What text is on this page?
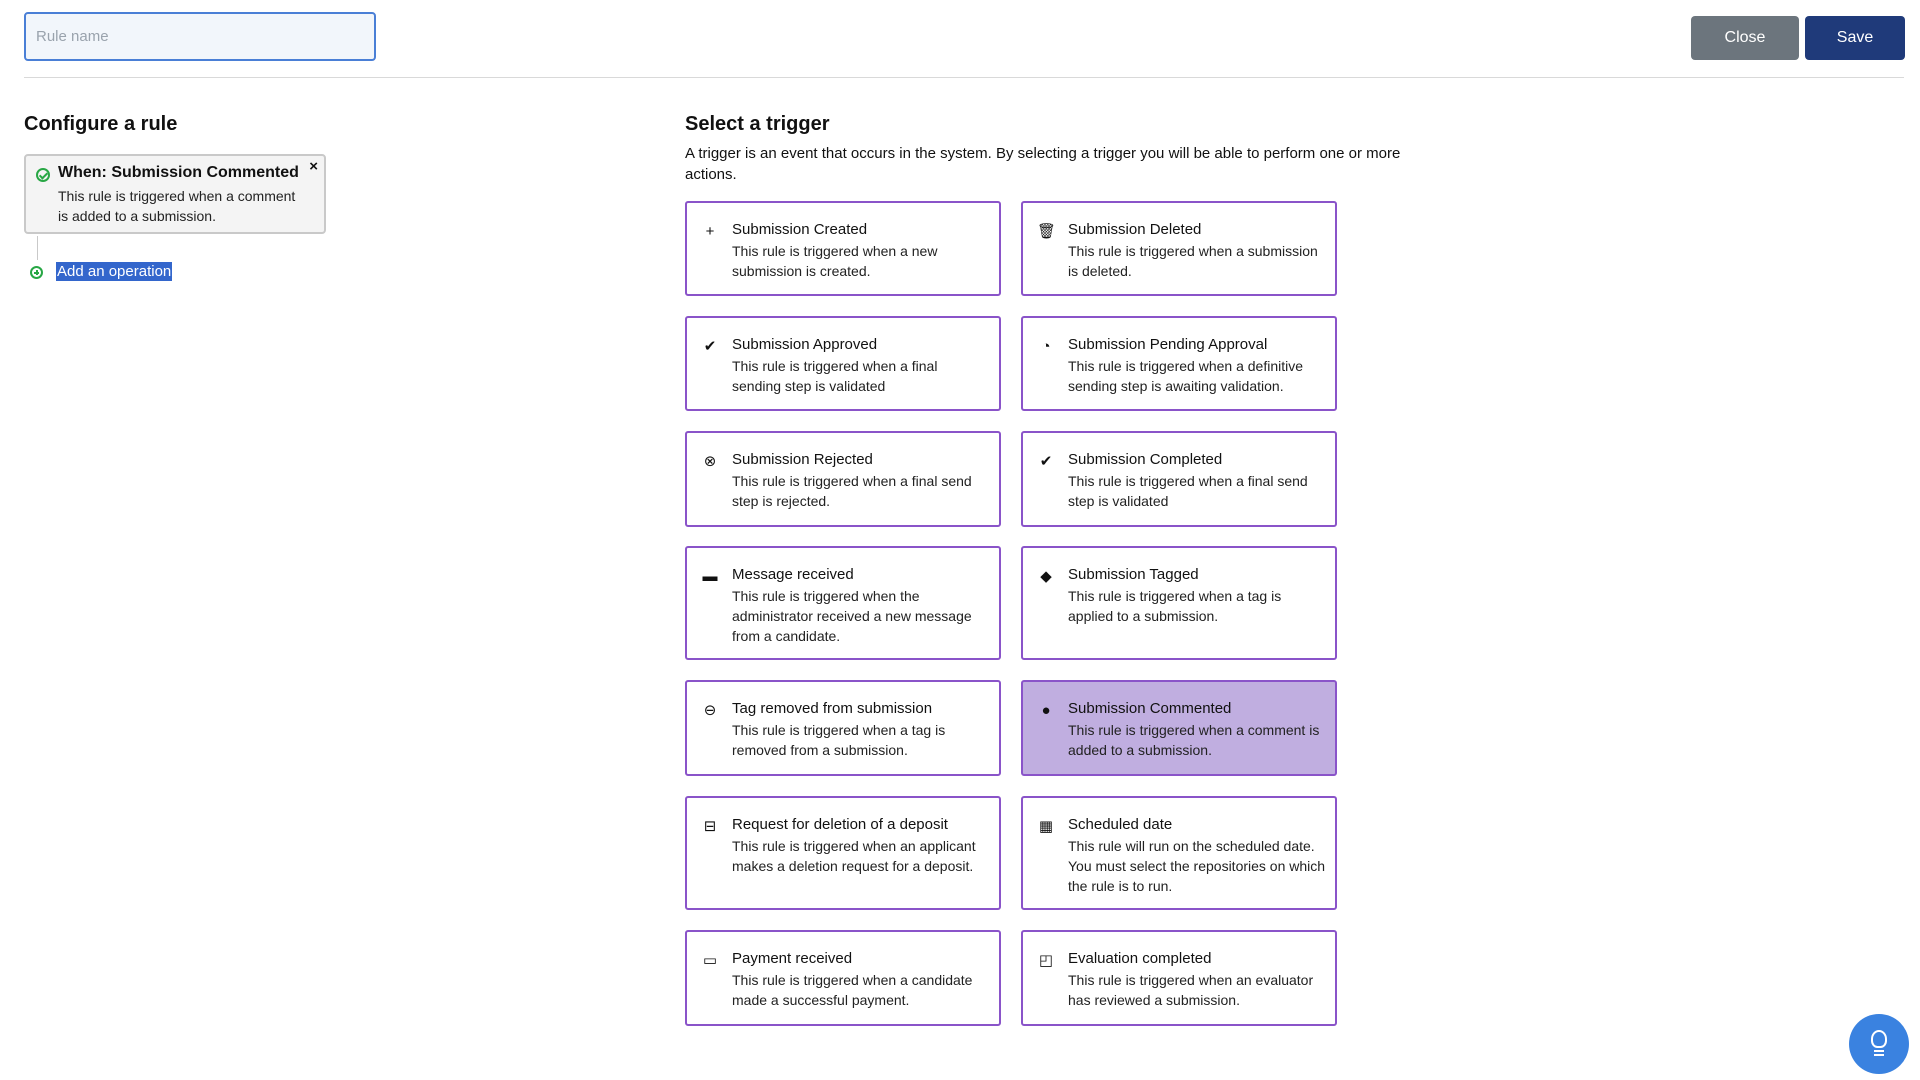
Rule name
Close	Save
Configure a rule
When: Submission Commented
This rule is triggered when a comment is added to a submission.
×
Add an operation
Select a trigger
A trigger is an event that occurs in the system. By selecting a trigger you will be able to perform one or more actions.
+	Submission Created
This rule is triggered when a new submission is created.
🗑 Submission Deleted
This rule is triggered when a submission is deleted.
✔ Submission Approved
This rule is triggered when a final sending step is validated
◔ Submission Pending Approval
This rule is triggered when a definitive sending step is awaiting validation.
⊗ Submission Rejected
This rule is triggered when a final send step is rejected.
✔ Submission Completed
This rule is triggered when a final send step is validated
▬ Message received
This rule is triggered when the administrator received a new message from a candidate.
◆ Submission Tagged
This rule is triggered when a tag is applied to a submission.
⊖ Tag removed from submission
This rule is triggered when a tag is removed from a submission.
● Submission Commented
This rule is triggered when a comment is added to a submission.
⊟ Request for deletion of a deposit
This rule is triggered when an applicant makes a deletion request for a deposit.
▦ Scheduled date
This rule will run on the scheduled date. You must select the repositories on which the rule is to run.
▭ Payment received
This rule is triggered when a candidate made a successful payment.
◰ Evaluation completed
This rule is triggered when an evaluator has reviewed a submission.
